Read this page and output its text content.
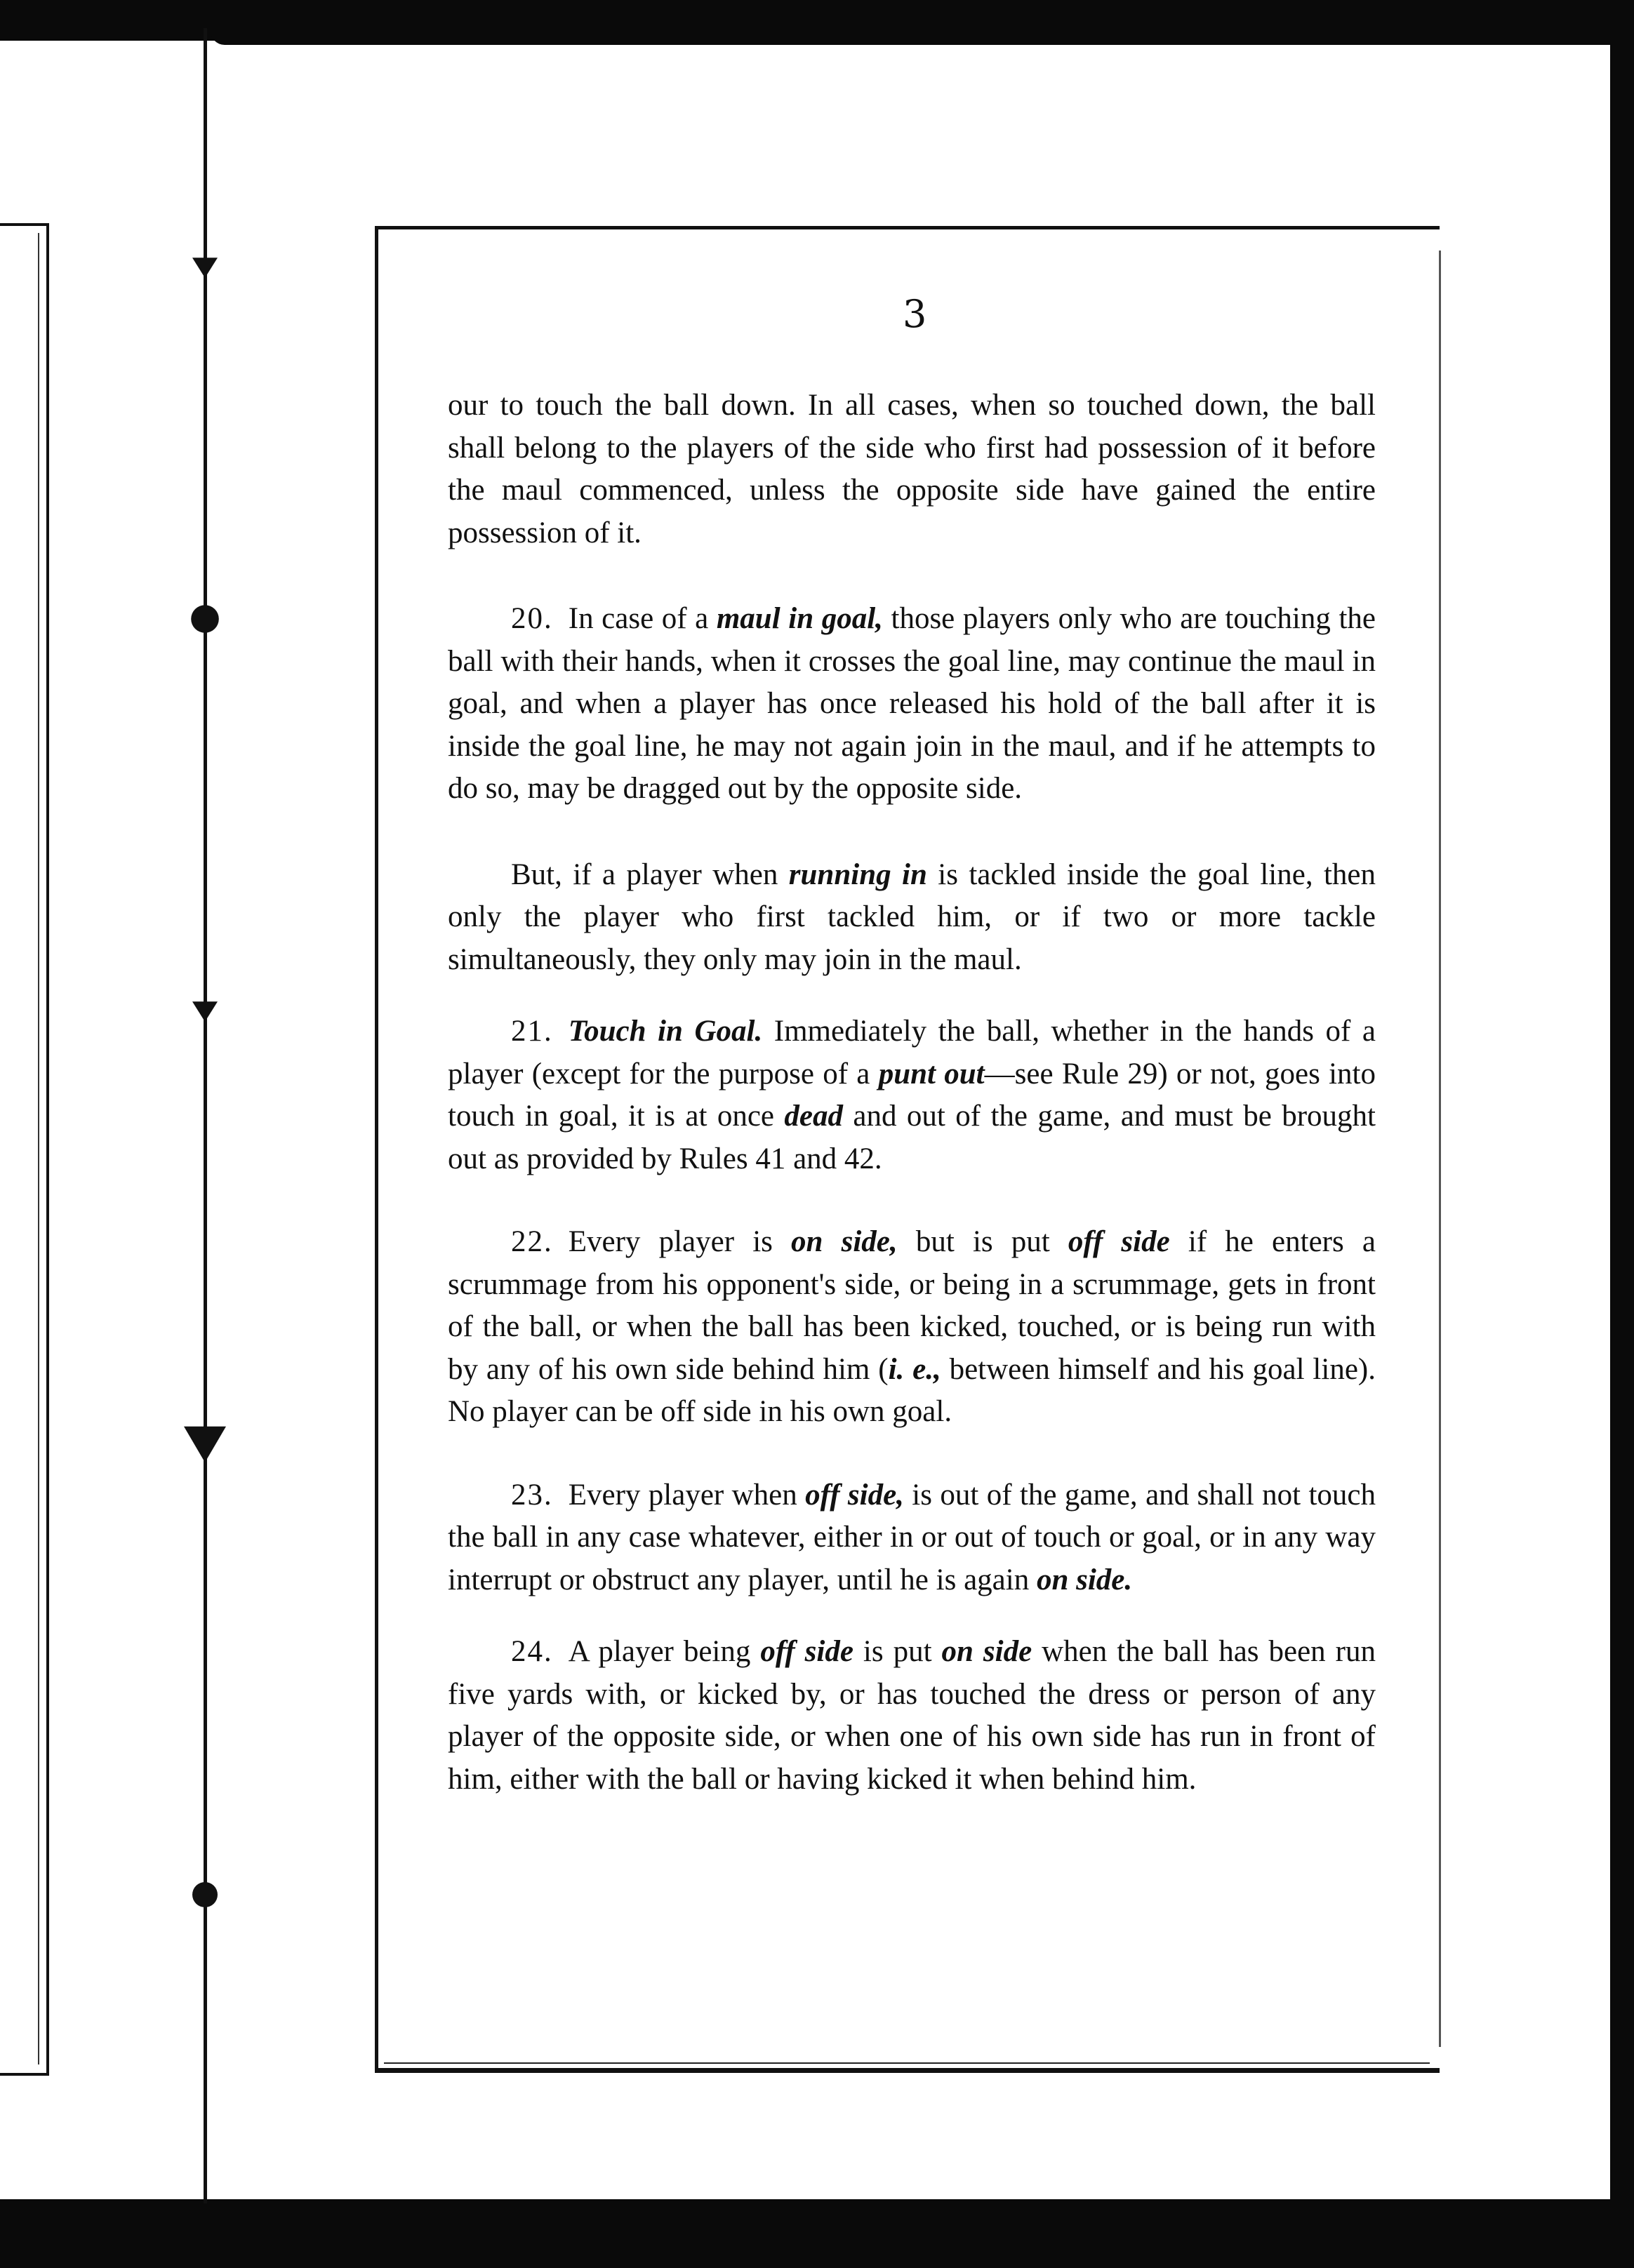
3

our to touch the ball down. In all cases, when so touched down, the ball shall belong to the players of the side who first had possession of it before the maul commenced, unless the opposite side have gained the entire possession of it.

20. In case of a maul in goal, those players only who are touching the ball with their hands, when it crosses the goal line, may continue the maul in goal, and when a player has once released his hold of the ball after it is inside the goal line, he may not again join in the maul, and if he attempts to do so, may be dragged out by the opposite side.

But, if a player when running in is tackled inside the goal line, then only the player who first tackled him, or if two or more tackle simultaneously, they only may join in the maul.

21. Touch in Goal. Immediately the ball, whether in the hands of a player (except for the purpose of a punt out—see Rule 29) or not, goes into touch in goal, it is at once dead and out of the game, and must be brought out as provided by Rules 41 and 42.

22. Every player is on side, but is put off side if he enters a scrummage from his opponent's side, or being in a scrummage, gets in front of the ball, or when the ball has been kicked, touched, or is being run with by any of his own side behind him (i. e., between himself and his goal line). No player can be off side in his own goal.

23. Every player when off side, is out of the game, and shall not touch the ball in any case whatever, either in or out of touch or goal, or in any way interrupt or obstruct any player, until he is again on side.

24. A player being off side is put on side when the ball has been run five yards with, or kicked by, or has touched the dress or person of any player of the opposite side, or when one of his own side has run in front of him, either with the ball or having kicked it when behind him.
